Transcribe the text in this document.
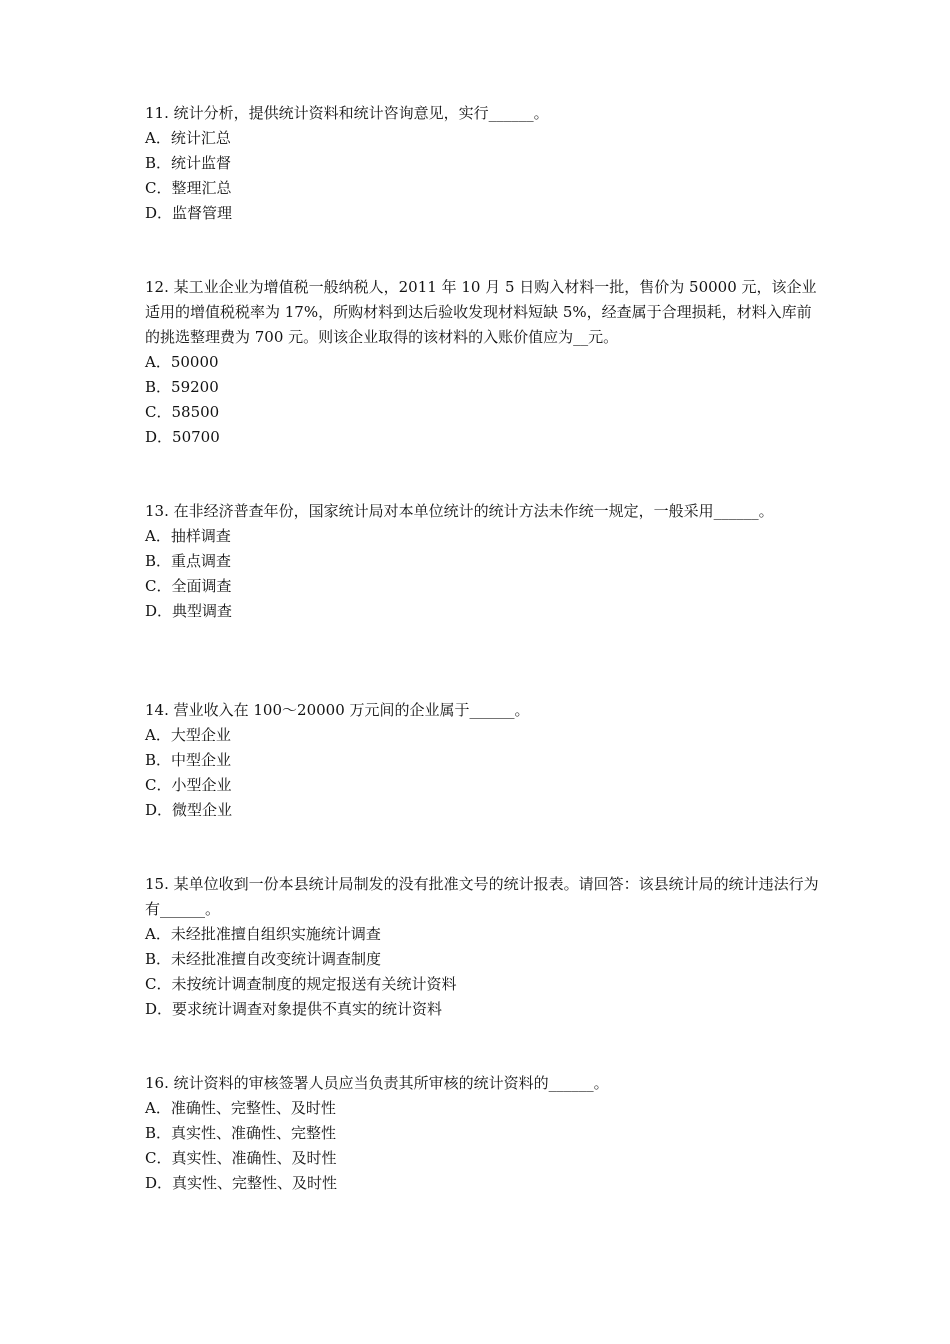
11. 统计分析，提供统计资料和统计咨询意见，实行______。

A．统计汇总
B．统计监督
C．整理汇总
D．监督管理

12. 某工业企业为增值税一般纳税人，2011 年 10 月 5 日购入材料一批，售价为 50000 元，该企业适用的增值税税率为 17%，所购材料到达后验收发现材料短缺 5%，经查属于合理损耗，材料入库前的挑选整理费为 700 元。则该企业取得的该材料的入账价值应为__元。

A．50000
B．59200
C．58500
D．50700

13. 在非经济普查年份，国家统计局对本单位统计的统计方法未作统一规定，一般采用______。

A．抽样调查
B．重点调查
C．全面调查
D．典型调查

14. 营业收入在 100～20000 万元间的企业属于______。

A．大型企业
B．中型企业
C．小型企业
D．微型企业

15. 某单位收到一份本县统计局制发的没有批准文号的统计报表。请回答：该县统计局的统计违法行为有______。

A．未经批准擅自组织实施统计调查
B．未经批准擅自改变统计调查制度
C．未按统计调查制度的规定报送有关统计资料
D．要求统计调查对象提供不真实的统计资料

16. 统计资料的审核签署人员应当负责其所审核的统计资料的______。

A．准确性、完整性、及时性
B．真实性、准确性、完整性
C．真实性、准确性、及时性
D．真实性、完整性、及时性
